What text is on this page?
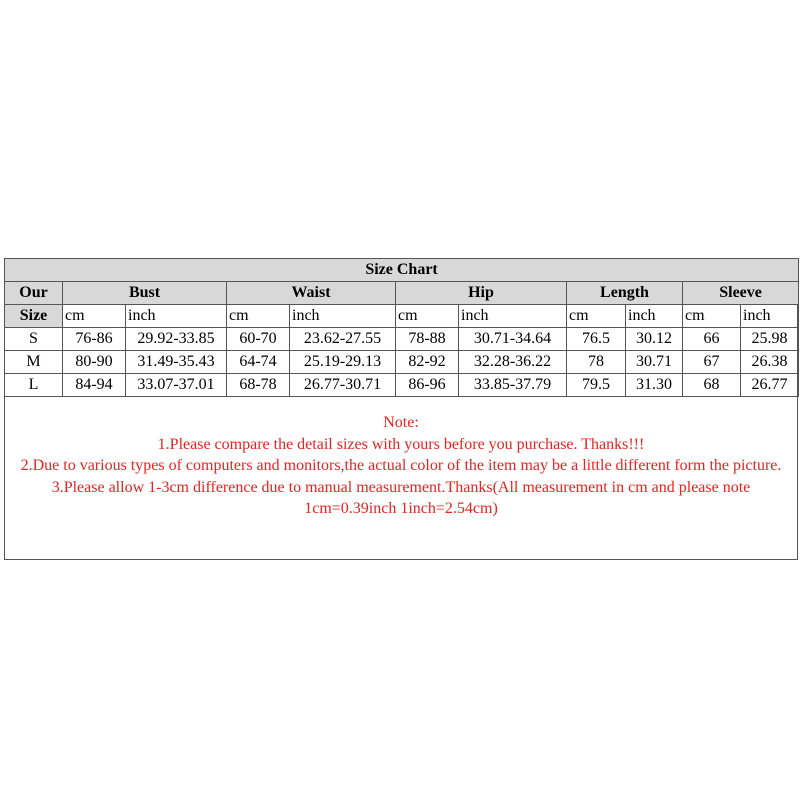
Size Chart										
Our	Bust		Waist		Hip		Length		Sleeve	
Size	cm	inch	cm	inch	cm	inch	cm	inch	cm	inch
S	76-86	29.92-33.85	60-70	23.62-27.55	78-88	30.71-34.64	76.5	30.12	66	25.98
M	80-90	31.49-35.43	64-74	25.19-29.13	82-92	32.28-36.22	78	30.71	67	26.38
L	84-94	33.07-37.01	68-78	26.77-30.71	86-96	33.85-37.79	79.5	31.30	68	26.77

Note:

1.Please compare the detail sizes with yours before you purchase. Thanks!!!

2.Due to various types of computers and monitors,the actual color of the item may be a little different form the picture.

3.Please allow 1-3cm difference due to manual measurement.Thanks(All measurement in cm and please note 1cm=0.39inch 1inch=2.54cm)
